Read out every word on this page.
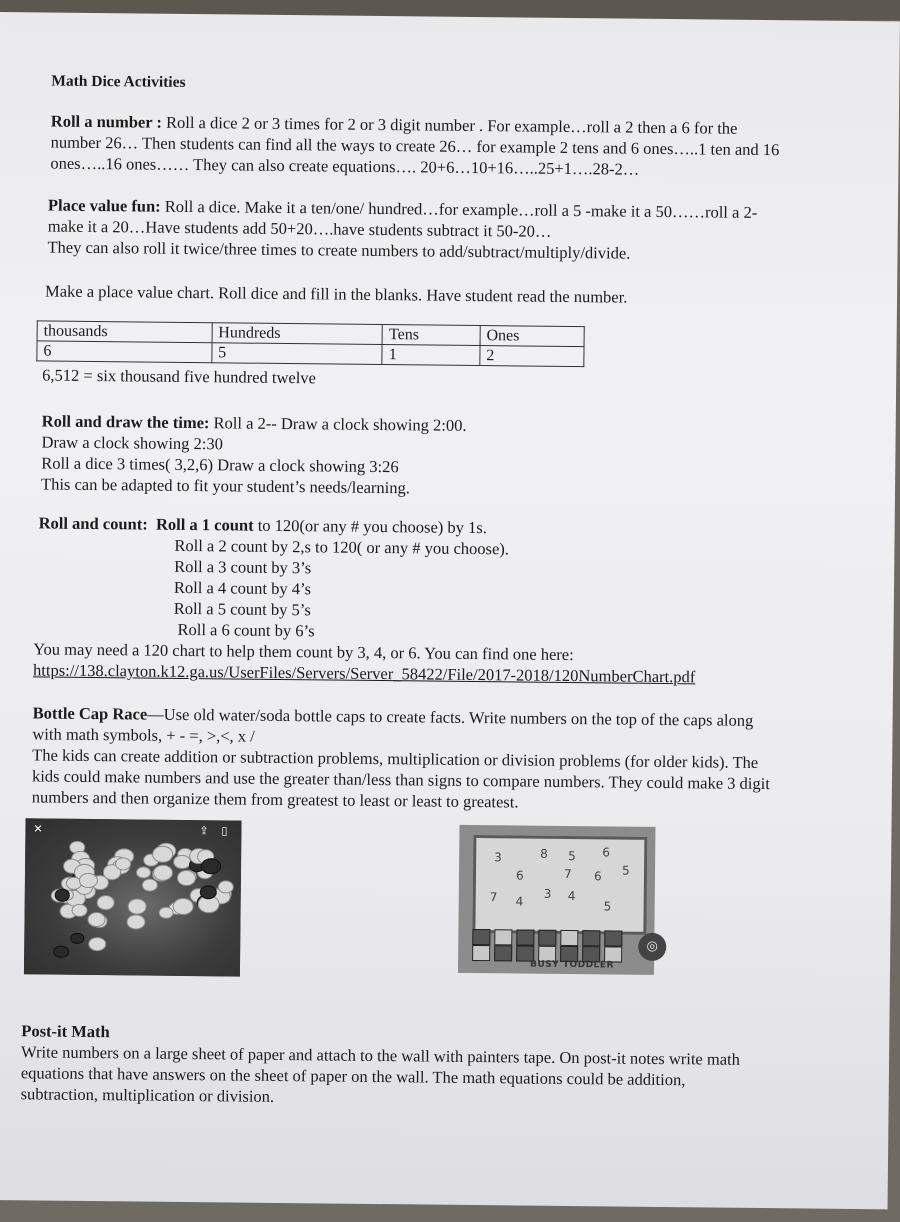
Math Dice Activities
Roll a number : Roll a dice 2 or 3 times for 2 or 3 digit number . For example…roll a 2 then a 6 for the
number 26… Then students can find all the ways to create 26… for example 2 tens and 6 ones…..1 ten and 16
ones…..16 ones…… They can also create equations…. 20+6…10+16…..25+1….28-2…
Place value fun: Roll a dice. Make it a ten/one/ hundred…for example…roll a 5 -make it a 50……roll a 2-
make it a 20…Have students add 50+20….have students subtract it 50-20…
They can also roll it twice/three times to create numbers to add/subtract/multiply/divide.
Make a place value chart. Roll dice and fill in the blanks. Have student read the number.
thousands	Hundreds	Tens	Ones
6	5	1	2
6,512 = six thousand five hundred twelve
Roll and draw the time: Roll a 2-- Draw a clock showing 2:00.
Draw a clock showing 2:30
Roll a dice 3 times( 3,2,6) Draw a clock showing 3:26
This can be adapted to fit your student’s needs/learning.
Roll and count: Roll a 1 count to 120(or any # you choose) by 1s.
Roll a 2 count by 2,s to 120( or any # you choose).
Roll a 3 count by 3’s
Roll a 4 count by 4’s
Roll a 5 count by 5’s
Roll a 6 count by 6’s
You may need a 120 chart to help them count by 3, 4, or 6. You can find one here:
https://138.clayton.k12.ga.us/UserFiles/Servers/Server_58422/File/2017-2018/120NumberChart.pdf
Bottle Cap Race—Use old water/soda bottle caps to create facts. Write numbers on the top of the caps along
with math symbols, + - =, >,<, x /
The kids can create addition or subtraction problems, multiplication or division problems (for older kids). The
kids could make numbers and use the greater than/less than signs to compare numbers. They could make 3 digit
numbers and then organize them from greatest to least or least to greatest.
✕	⇪ ▯
3	8 5 6
6	7 6 5
7 4
3 4
5
BUSY TODDLER
◎
Post-it Math
Write numbers on a large sheet of paper and attach to the wall with painters tape. On post-it notes write math
equations that have answers on the sheet of paper on the wall. The math equations could be addition,
subtraction, multiplication or division.
